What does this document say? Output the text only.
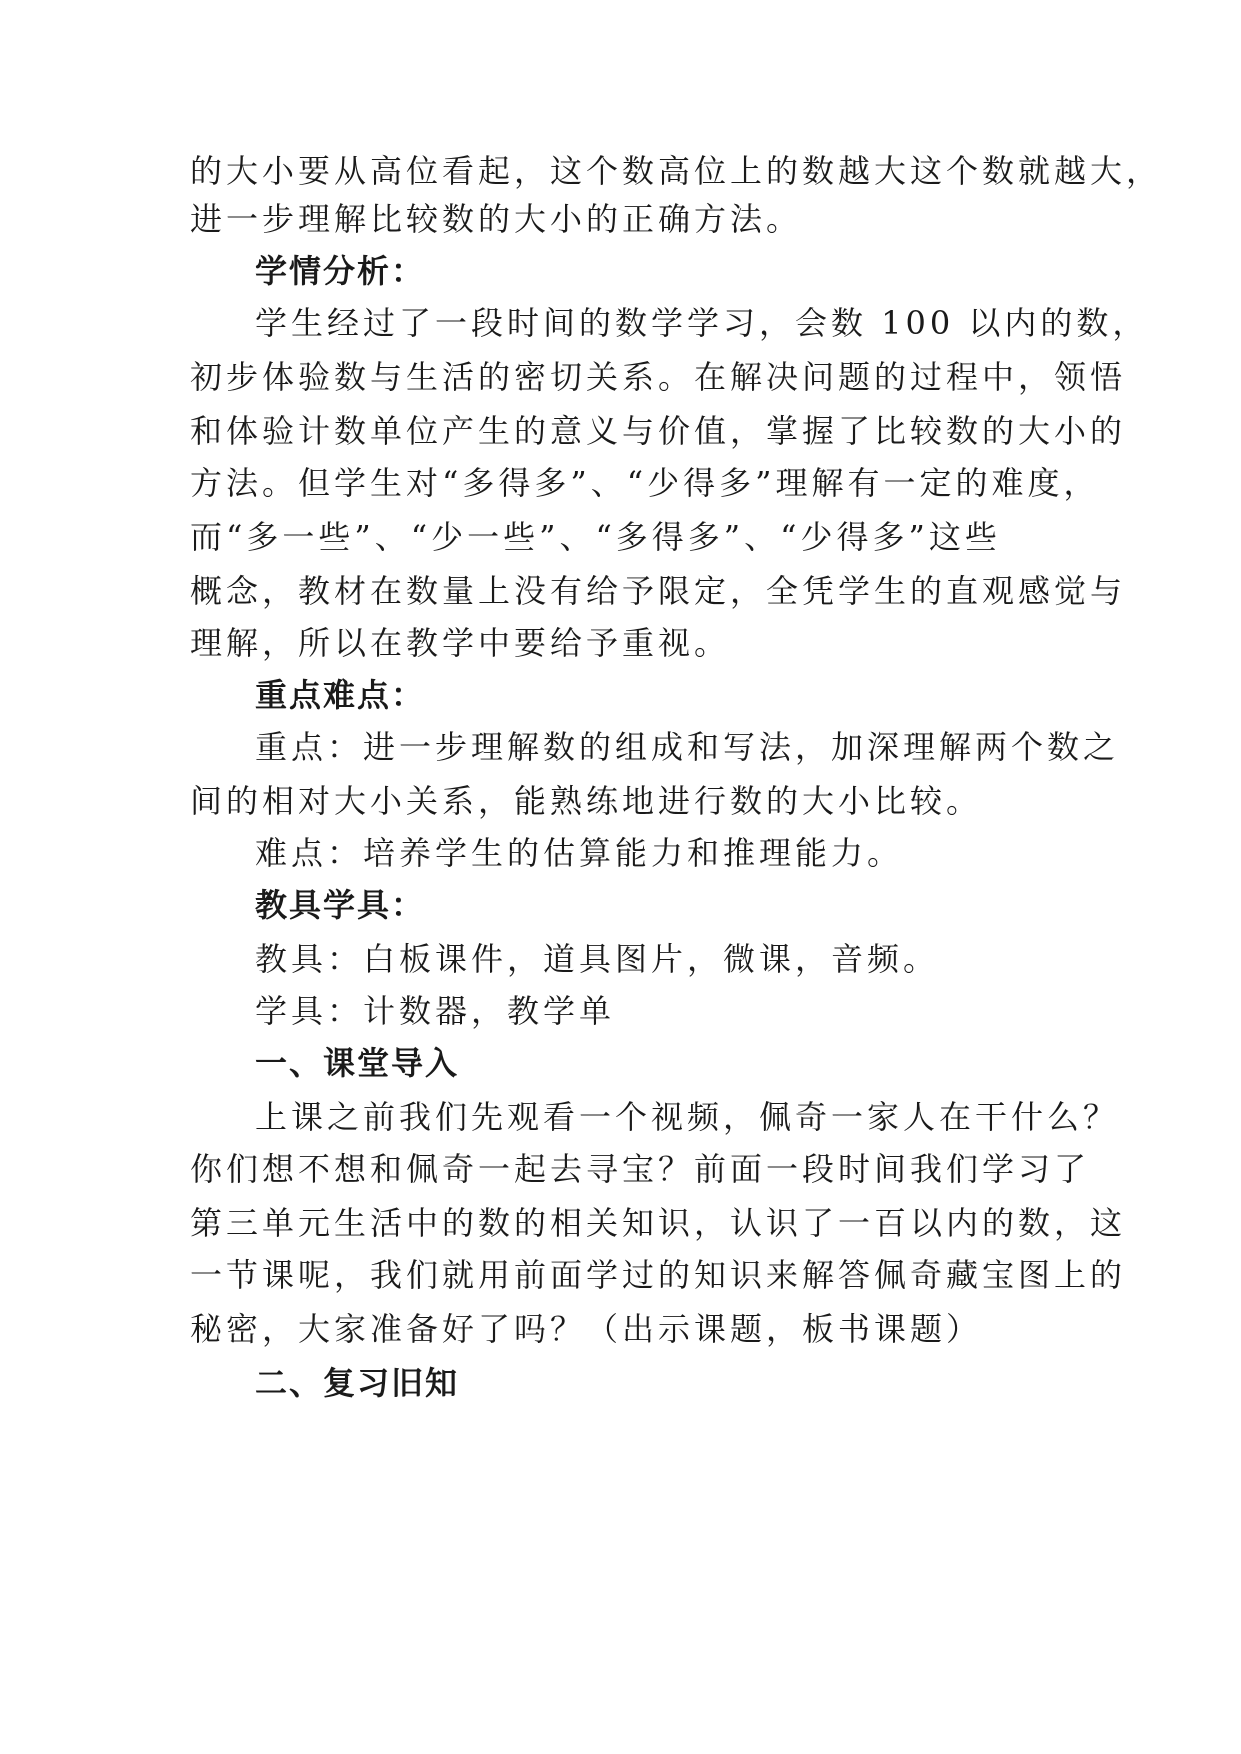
的大小要从高位看起，这个数高位上的数越大这个数就越大，
进一步理解比较数的大小的正确方法。
学情分析：
学生经过了一段时间的数学学习，会数 100 以内的数，
初步体验数与生活的密切关系。在解决问题的过程中，领悟
和体验计数单位产生的意义与价值，掌握了比较数的大小的
方法。但学生对“多得多”、“少得多”理解有一定的难度，
而“多一些”、“少一些”、“多得多”、“少得多”这些
概念，教材在数量上没有给予限定，全凭学生的直观感觉与
理解，所以在教学中要给予重视。
重点难点：
重点：进一步理解数的组成和写法，加深理解两个数之
间的相对大小关系，能熟练地进行数的大小比较。
难点：培养学生的估算能力和推理能力。
教具学具：
教具：白板课件，道具图片，微课，音频。
学具：计数器，教学单
一、课堂导入
上课之前我们先观看一个视频，佩奇一家人在干什么？
你们想不想和佩奇一起去寻宝？前面一段时间我们学习了
第三单元生活中的数的相关知识，认识了一百以内的数，这
一节课呢，我们就用前面学过的知识来解答佩奇藏宝图上的
秘密，大家准备好了吗？（出示课题，板书课题）
二、复习旧知
